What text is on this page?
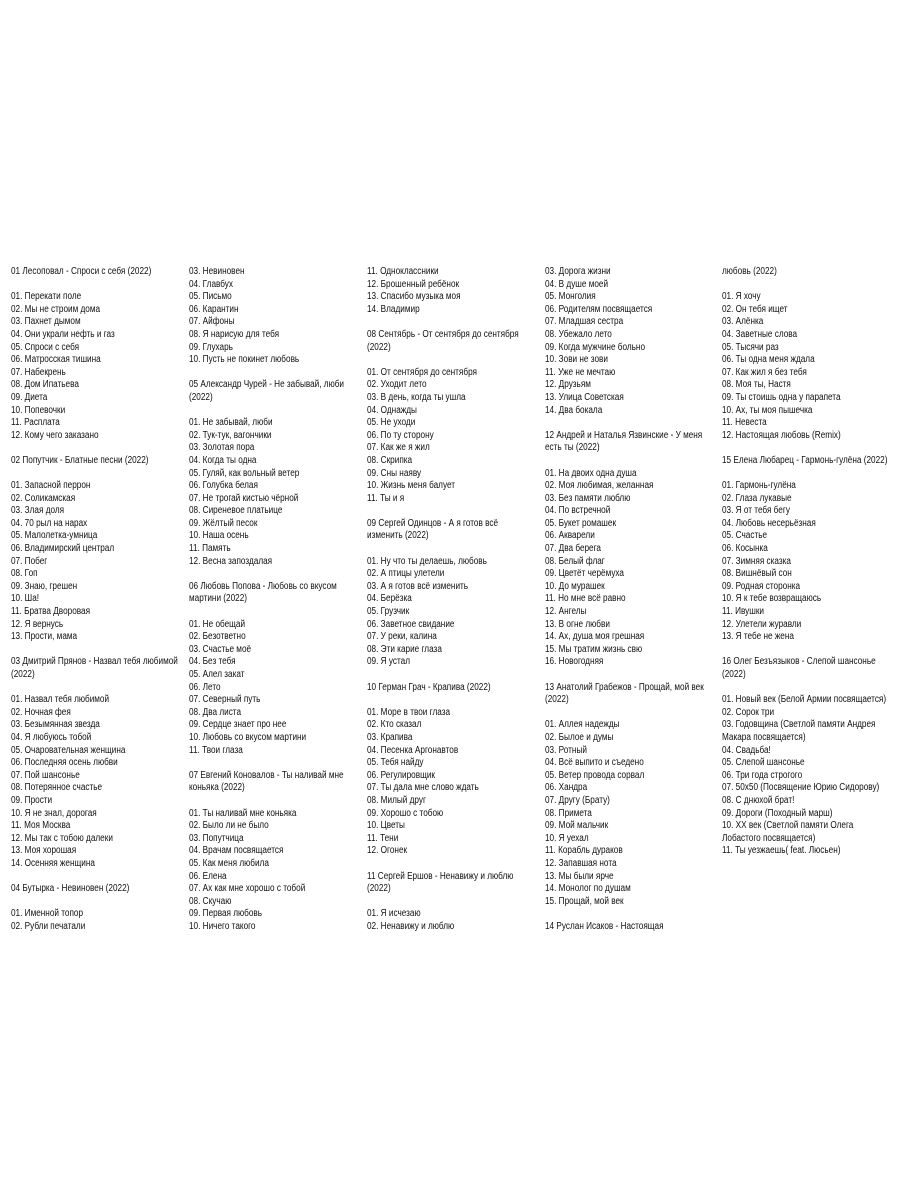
01 Лесоповал - Спроси с себя (2022)
01. Перекати поле
02. Мы не строим дома
03. Пахнет дымом
04. Они украли нефть и газ
05. Спроси с себя
06. Матросская тишина
07. Набекрень
08. Дом Ипатьева
09. Диета
10. Попевочки
11. Расплата
12. Кому чего заказано
02 Попутчик - Блатные песни (2022)
01. Запасной перрон
02. Соликамская
03. Злая доля
04. 70 рыл на нарах
05. Малолетка-умница
06. Владимирский централ
07. Побег
08. Гоп
09. Знаю, грешен
10. Ша!
11. Братва Дворовая
12. Я вернусь
13. Прости, мама
03 Дмитрий Прянов - Назвал тебя любимой (2022)
01. Назвал тебя любимой
02. Ночная фея
03. Безымянная звезда
04. Я любуюсь тобой
05. Очаровательная женщина
06. Последняя осень любви
07. Пой шансонье
08. Потерянное счастье
09. Прости
10. Я не знал, дорогая
11. Моя Москва
12. Мы так с тобою далеки
13. Моя хорошая
14. Осенняя женщина
04 Бутырка - Невиновен (2022)
01. Именной топор
02. Рубли печатали
03. Невиновен
04. Главбух
05. Письмо
06. Карантин
07. Айфоны
08. Я нарисую для тебя
09. Глухарь
10. Пусть не покинет любовь
05 Александр Чурей - Не забывай, люби (2022)
01. Не забывай, люби
02. Тук-тук, вагончики
03. Золотая пора
04. Когда ты одна
05. Гуляй, как вольный ветер
06. Голубка белая
07. Не трогай кистью чёрной
08. Сиреневое платьице
09. Жёлтый песок
10. Наша осень
11. Память
12. Весна запоздалая
06 Любовь Попова - Любовь со вкусом мартини (2022)
01. Не обещай
02. Безответно
03. Счастье моё
04. Без тебя
05. Алел закат
06. Лето
07. Северный путь
08. Два листа
09. Сердце знает про нее
10. Любовь со вкусом мартини
11. Твои глаза
07 Евгений Коновалов - Ты наливай мне коньяка (2022)
01. Ты наливай мне коньяка
02. Было ли не было
03. Попутчица
04. Врачам посвящается
05. Как меня любила
06. Елена
07. Ах как мне хорошо с тобой
08. Скучаю
09. Первая любовь
10. Ничего такого
11. Одноклассники
12. Брошенный ребёнок
13. Спасибо музыка моя
14. Владимир
08 Сентябрь - От сентября до сентября (2022)
01. От сентября до сентября
02. Уходит лето
03. В день, когда ты ушла
04. Однажды
05. Не уходи
06. По ту сторону
07. Как же я жил
08. Скрипка
09. Сны наяву
10. Жизнь меня балует
11. Ты и я
09 Сергей Одинцов - А я готов всё изменить (2022)
01. Ну что ты делаешь, любовь
02. А птицы улетели
03. А я готов всё изменить
04. Берёзка
05. Грузчик
06. Заветное свидание
07. У реки, калина
08. Эти карие глаза
09. Я устал
10 Герман Грач - Крапива (2022)
01. Море в твои глаза
02. Кто сказал
03. Крапива
04. Песенка Аргонавтов
05. Тебя найду
06. Регулировщик
07. Ты дала мне слово ждать
08. Милый друг
09. Хорошо с тобою
10. Цветы
11. Тени
12. Огонек
11 Сергей Ершов - Ненавижу и люблю (2022)
01. Я исчезаю
02. Ненавижу и люблю
03. Дорога жизни
04. В душе моей
05. Монголия
06. Родителям посвящается
07. Младшая сестра
08. Убежало лето
09. Когда мужчине больно
10. Зови не зови
11. Уже не мечтаю
12. Друзьям
13. Улица Советская
14. Два бокала
12 Андрей и Наталья Язвинские - У меня есть ты (2022)
01. На двоих одна душа
02. Моя любимая, желанная
03. Без памяти люблю
04. По встречной
05. Букет ромашек
06. Акварели
07. Два берега
08. Белый флаг
09. Цветёт черёмуха
10. До мурашек
11. Но мне всё равно
12. Ангелы
13. В огне любви
14. Ах, душа моя грешная
15. Мы тратим жизнь свю
16. Новогодняя
13 Анатолий Грабежов - Прощай, мой век (2022)
01. Аллея надежды
02. Былое и думы
03. Ротный
04. Всё выпито и съедено
05. Ветер провода сорвал
06. Хандра
07. Другу (Брату)
08. Примета
09. Мой мальчик
10. Я уехал
11. Корабль дураков
12. Запавшая нота
13. Мы были ярче
14. Монолог по душам
15. Прощай, мой век
14 Руслан Исаков - Настоящая
любовь (2022)
01. Я хочу
02. Он тебя ищет
03. Алёнка
04. Заветные слова
05. Тысячи раз
06. Ты одна меня ждала
07. Как жил я без тебя
08. Моя ты, Настя
09. Ты стоишь одна у парапета
10. Ах, ты моя пышечка
11. Невеста
12. Настоящая любовь (Remix)
15 Елена Любарец - Гармонь-гулёна (2022)
01. Гармонь-гулёна
02. Глаза лукавые
03. Я от тебя бегу
04. Любовь несерьёзная
05. Счастье
06. Косынка
07. Зимняя сказка
08. Вишнёвый сон
09. Родная сторонка
10. Я к тебе возвращаюсь
11. Ивушки
12. Улетели журавли
13. Я тебе не жена
16 Олег Безъязыков - Слепой шансонье (2022)
01. Новый век (Белой Армии посвящается)
02. Сорок три
03. Годовщина (Светлой памяти Андрея Макара посвящается)
04. Свадьба!
05. Слепой шансонье
06. Три года строгого
07. 50x50 (Посвящение Юрию Сидорову)
08. С днюхой брат!
09. Дороги (Походный марш)
10. XX век (Светлой памяти Олега Лобастого посвящается)
11. Ты уезжаешь( feat. Люсьен)
